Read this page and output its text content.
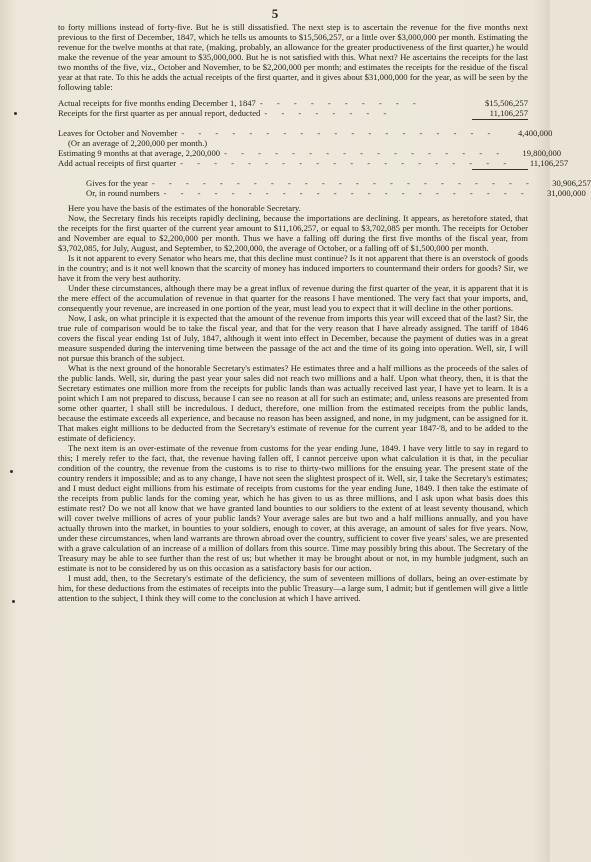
5

to forty millions instead of forty-five. But he is still dissatisfied. The next step is to ascertain the revenue for the five months next previous to the first of December, 1847, which he tells us amounts to $15,506,257, or a little over $3,000,000 per month. Estimating the revenue for the twelve months at that rate, (making, probably, an allowance for the greater productiveness of the first quarter,) he would make the revenue of the year amount to $35,000,000. But he is not satisfied with this. What next? He ascertains the receipts for the last two months of the five, viz., October and November, to be $2,200,000 per month; and estimates the receipts for the residue of the fiscal year at that rate. To this he adds the actual receipts of the first quarter, and it gives about $31,000,000 for the year, as will be seen by the following table:

Actual receipts for five months ending December 1, 1847 - - - - - - - - - -	$15,506,257
Receipts for the first quarter as per annual report, deducted - - - - - - - -	11,106,257
Leaves for October and November - - - - - - - - - - - - - - - - - - -	4,400,000
(Or an average of 2,200,000 per month.)
Estimating 9 months at that average, 2,200,000 - - - - - - - - - - - - - - - - -	19,800,000
Add actual receipts of first quarter - - - - - - - - - - - - - - - - - - - -	11,106,257
Gives for the year - - - - - - - - - - - - - - - - - - - - - - -	30,906,257
Or, in round numbers - - - - - - - - - - - - - - - - - - - - - -	31,000,000

Here you have the basis of the estimates of the honorable Secretary.

Now, the Secretary finds his receipts rapidly declining, because the importations are declining. It appears, as heretofore stated, that the receipts for the first quarter of the current year amount to $11,106,257, or equal to $3,702,085 per month. The receipts for October and November are equal to $2,200,000 per month. Thus we have a falling off during the first five months of the fiscal year, from $3,702,085, for July, August, and September, to $2,200,000, the average of October, or a falling off of $1,500,000 per month.

Is it not apparent to every Senator who hears me, that this decline must continue? Is it not apparent that there is an overstock of goods in the country; and is it not well known that the scarcity of money has induced importers to countermand their orders for goods? Sir, we have it from the very best authority.

Under these circumstances, although there may be a great influx of revenue during the first quarter of the year, it is apparent that it is the mere effect of the accumulation of revenue in that quarter for the reasons I have mentioned. The very fact that your imports, and, consequently your revenue, are increased in one portion of the year, must lead you to expect that it will decline in the other portions.

Now, I ask, on what principle it is expected that the amount of the revenue from imports this year will exceed that of the last? Sir, the true rule of comparison would be to take the fiscal year, and that for the very reason that I have already assigned. The tariff of 1846 covers the fiscal year ending 1st of July, 1847, although it went into effect in December, because the payment of duties was in a great measure suspended during the intervening time between the passage of the act and the time of its going into operation. Well, sir, I will not pursue this branch of the subject.

What is the next ground of the honorable Secretary's estimates? He estimates three and a half millions as the proceeds of the sales of the public lands. Well, sir, during the past year your sales did not reach two millions and a half. Upon what theory, then, it is that the Secretary estimates one million more from the receipts for public lands than was actually received last year, I have yet to learn. It is a point which I am not prepared to discuss, because I can see no reason at all for such an estimate; and, unless reasons are presented from some other quarter, I shall still be incredulous. I deduct, therefore, one million from the estimated receipts from the public lands, because the estimate exceeds all experience, and because no reason has been assigned, and none, in my judgment, can be assigned for it. That makes eight millions to be deducted from the Secretary's estimate of revenue for the current year 1847-'8, and to be added to the estimate of deficiency.

The next item is an over-estimate of the revenue from customs for the year ending June, 1849. I have very little to say in regard to this; I merely refer to the fact, that, the revenue having fallen off, I cannot perceive upon what calculation it is that, in the peculiar condition of the country, the revenue from the customs is to rise to thirty-two millions for the ensuing year. The present state of the country renders it impossible; and as to any change, I have not seen the slightest prospect of it. Well, sir, I take the Secretary's estimates; and I must deduct eight millions from his estimate of receipts from customs for the year ending June, 1849. I then take the estimate of the receipts from public lands for the coming year, which he has given to us as three millions, and I ask upon what basis does this estimate rest? Do we not all know that we have granted land bounties to our soldiers to the extent of at least seventy thousand, which will cover twelve millions of acres of your public lands? Your average sales are but two and a half millions annually, and you have actually thrown into the market, in bounties to your soldiers, enough to cover, at this average, an amount of sales for five years. Now, under these circumstances, when land warrants are thrown abroad over the country, sufficient to cover five years' sales, we are presented with a grave calculation of an increase of a million of dollars from this source. Time may possibly bring this about. The Secretary of the Treasury may be able to see further than the rest of us; but whether it may be brought about or not, in my humble judgment, such an estimate is not to be considered by us on this occasion as a satisfactory basis for our action.

I must add, then, to the Secretary's estimate of the deficiency, the sum of seventeen millions of dollars, being an over-estimate by him, for these deductions from the estimates of receipts into the public Treasury—a large sum, I admit; but if gentlemen will give a little attention to the subject, I think they will come to the conclusion at which I have arrived.
